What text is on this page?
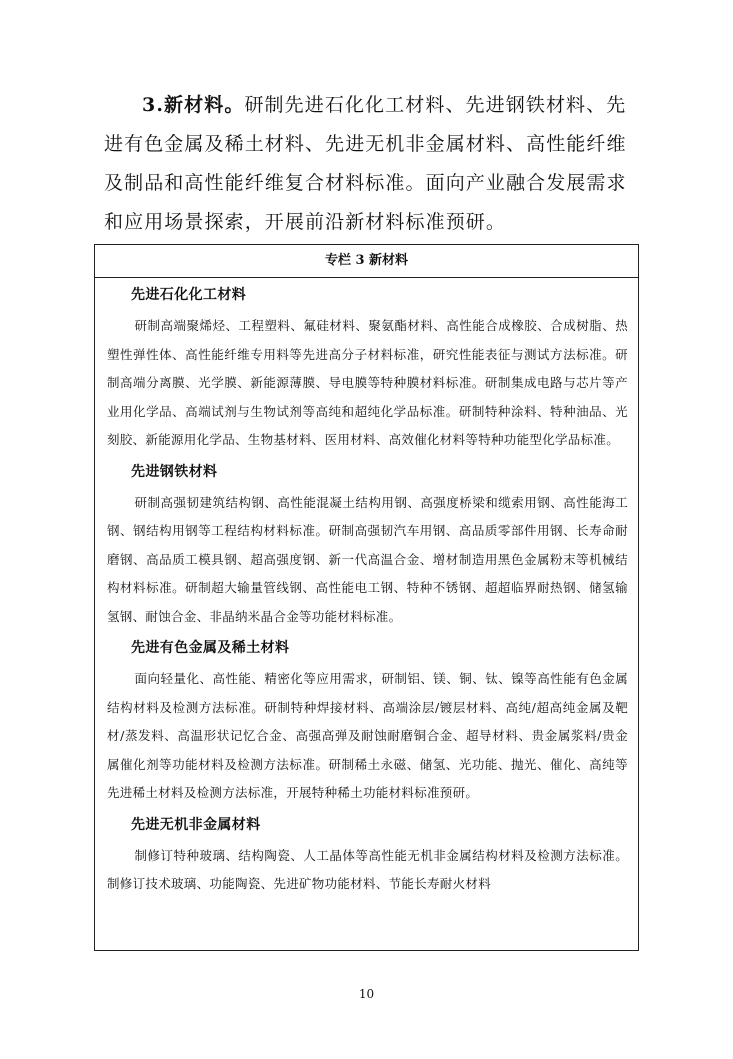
3.新材料。研制先进石化化工材料、先进钢铁材料、先进有色金属及稀土材料、先进无机非金属材料、高性能纤维及制品和高性能纤维复合材料标准。面向产业融合发展需求和应用场景探索，开展前沿新材料标准预研。

专栏 3 新材料

先进石化化工材料

研制高端聚烯烃、工程塑料、氟硅材料、聚氨酯材料、高性能合成橡胶、合成树脂、热塑性弹性体、高性能纤维专用料等先进高分子材料标准，研究性能表征与测试方法标准。研制高端分离膜、光学膜、新能源薄膜、导电膜等特种膜材料标准。研制集成电路与芯片等产业用化学品、高端试剂与生物试剂等高纯和超纯化学品标准。研制特种涂料、特种油品、光刻胶、新能源用化学品、生物基材料、医用材料、高效催化材料等特种功能型化学品标准。

先进钢铁材料

研制高强韧建筑结构钢、高性能混凝土结构用钢、高强度桥梁和缆索用钢、高性能海工钢、钢结构用钢等工程结构材料标准。研制高强韧汽车用钢、高品质零部件用钢、长寿命耐磨钢、高品质工模具钢、超高强度钢、新一代高温合金、增材制造用黑色金属粉末等机械结构材料标准。研制超大输量管线钢、高性能电工钢、特种不锈钢、超超临界耐热钢、储氢输氢钢、耐蚀合金、非晶纳米晶合金等功能材料标准。

先进有色金属及稀土材料

面向轻量化、高性能、精密化等应用需求，研制铝、镁、铜、钛、镍等高性能有色金属结构材料及检测方法标准。研制特种焊接材料、高端涂层/镀层材料、高纯/超高纯金属及靶材/蒸发料、高温形状记忆合金、高强高弹及耐蚀耐磨铜合金、超导材料、贵金属浆料/贵金属催化剂等功能材料及检测方法标准。研制稀土永磁、储氢、光功能、抛光、催化、高纯等先进稀土材料及检测方法标准，开展特种稀土功能材料标准预研。

先进无机非金属材料

制修订特种玻璃、结构陶瓷、人工晶体等高性能无机非金属结构材料及检测方法标准。制修订技术玻璃、功能陶瓷、先进矿物功能材料、节能长寿耐火材料

10
